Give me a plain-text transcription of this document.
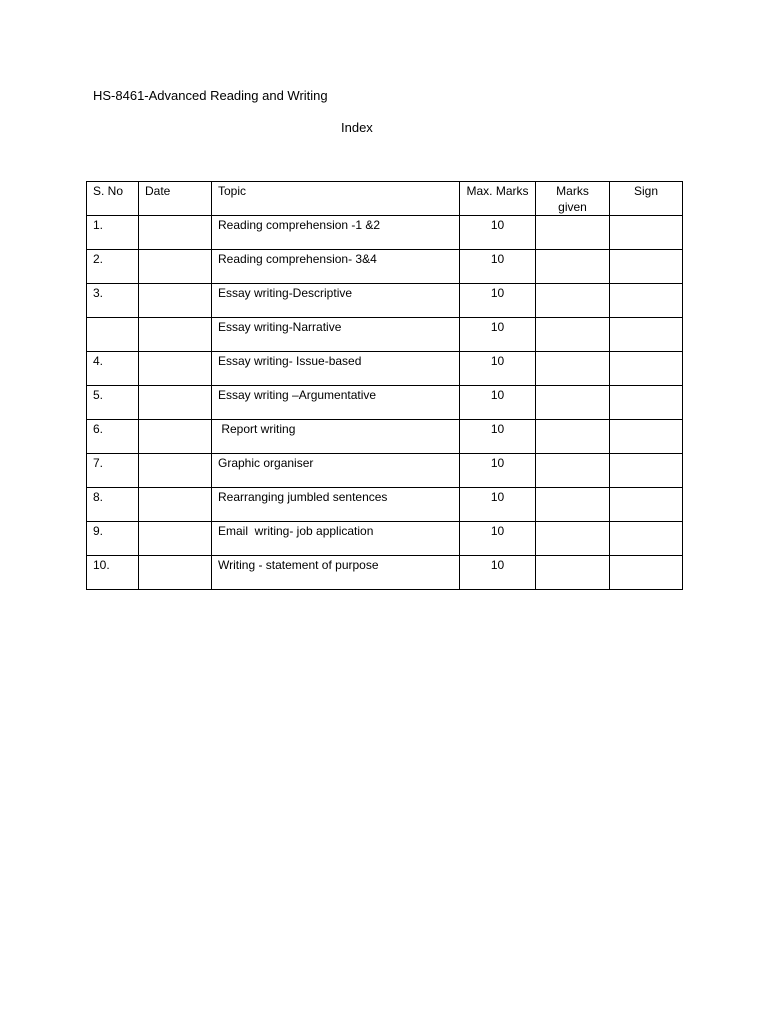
HS-8461-Advanced Reading and Writing
Index
S. No	Date	Topic	Max. Marks	Marks given	Sign
1.		Reading comprehension -1 &2	10		
2.		Reading comprehension- 3&4	10		
3.		Essay writing-Descriptive	10		
		Essay writing-Narrative	10		
4.		Essay writing- Issue-based	10		
5.		Essay writing –Argumentative	10		
6.		Report writing	10		
7.		Graphic organiser	10		
8.		Rearranging jumbled sentences	10		
9.		Email  writing- job application	10		
10.		Writing - statement of purpose	10		
